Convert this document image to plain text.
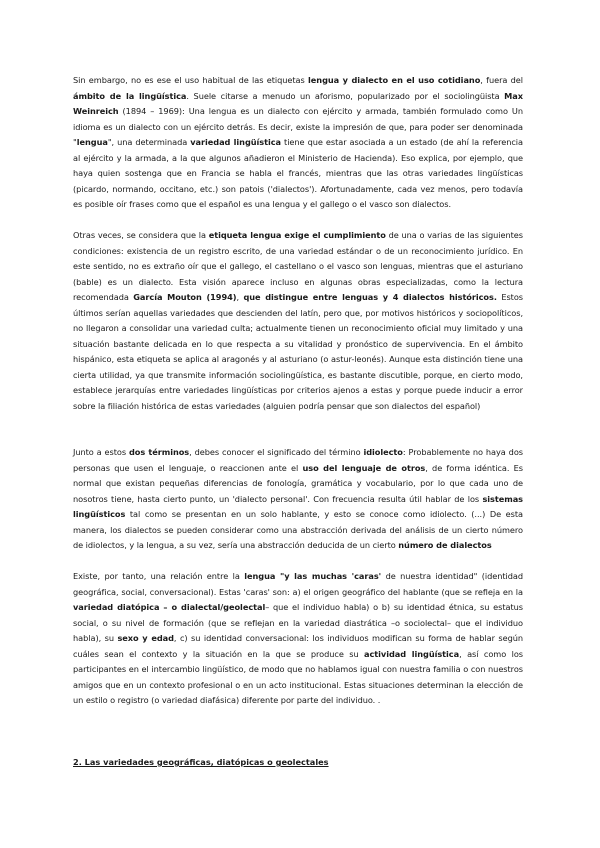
Sin embargo, no es ese el uso habitual de las etiquetas lengua y dialecto en el uso cotidiano, fuera del ámbito de la lingüística. Suele citarse a menudo un aforismo, popularizado por el sociolingüista Max Weinreich (1894 – 1969): Una lengua es un dialecto con ejército y armada, también formulado como Un idioma es un dialecto con un ejército detrás. Es decir, existe la impresión de que, para poder ser denominada "lengua", una determinada variedad lingüística tiene que estar asociada a un estado (de ahí la referencia al ejército y la armada, a la que algunos añadieron el Ministerio de Hacienda). Eso explica, por ejemplo, que haya quien sostenga que en Francia se habla el francés, mientras que las otras variedades lingüísticas (picardo, normando, occitano, etc.) son patois ('dialectos'). Afortunadamente, cada vez menos, pero todavía es posible oír frases como que el español es una lengua y el gallego o el vasco son dialectos.
Otras veces, se considera que la etiqueta lengua exige el cumplimiento de una o varias de las siguientes condiciones: existencia de un registro escrito, de una variedad estándar o de un reconocimiento jurídico. En este sentido, no es extraño oír que el gallego, el castellano o el vasco son lenguas, mientras que el asturiano (bable) es un dialecto. Esta visión aparece incluso en algunas obras especializadas, como la lectura recomendada García Mouton (1994), que distingue entre lenguas y 4 dialectos históricos. Estos últimos serían aquellas variedades que descienden del latín, pero que, por motivos históricos y sociopolíticos, no llegaron a consolidar una variedad culta; actualmente tienen un reconocimiento oficial muy limitado y una situación bastante delicada en lo que respecta a su vitalidad y pronóstico de supervivencia. En el ámbito hispánico, esta etiqueta se aplica al aragonés y al asturiano (o astur-leonés). Aunque esta distinción tiene una cierta utilidad, ya que transmite información sociolingüística, es bastante discutible, porque, en cierto modo, establece jerarquías entre variedades lingüísticas por criterios ajenos a estas y porque puede inducir a error sobre la filiación histórica de estas variedades (alguien podría pensar que son dialectos del español)
Junto a estos dos términos, debes conocer el significado del término idiolecto: Probablemente no haya dos personas que usen el lenguaje, o reaccionen ante el uso del lenguaje de otros, de forma idéntica. Es normal que existan pequeñas diferencias de fonología, gramática y vocabulario, por lo que cada uno de nosotros tiene, hasta cierto punto, un 'dialecto personal'. Con frecuencia resulta útil hablar de los sistemas lingüísticos tal como se presentan en un solo hablante, y esto se conoce como idiolecto. (...) De esta manera, los dialectos se pueden considerar como una abstracción derivada del análisis de un cierto número de idiolectos, y la lengua, a su vez, sería una abstracción deducida de un cierto número de dialectos
Existe, por tanto, una relación entre la lengua "y las muchas 'caras' de nuestra identidad" (identidad geográfica, social, conversacional). Estas 'caras' son: a) el origen geográfico del hablante (que se refleja en la variedad diatópica – o dialectal/geolectal– que el individuo habla) o b) su identidad étnica, su estatus social, o su nivel de formación (que se reflejan en la variedad diastrática –o sociolectal– que el individuo habla), su sexo y edad, c) su identidad conversacional: los individuos modifican su forma de hablar según cuáles sean el contexto y la situación en la que se produce su actividad lingüística, así como los participantes en el intercambio lingüístico, de modo que no hablamos igual con nuestra familia o con nuestros amigos que en un contexto profesional o en un acto institucional. Estas situaciones determinan la elección de un estilo o registro (o variedad diafásica) diferente por parte del individuo. .
2. Las variedades geográficas, diatópicas o geolectales
